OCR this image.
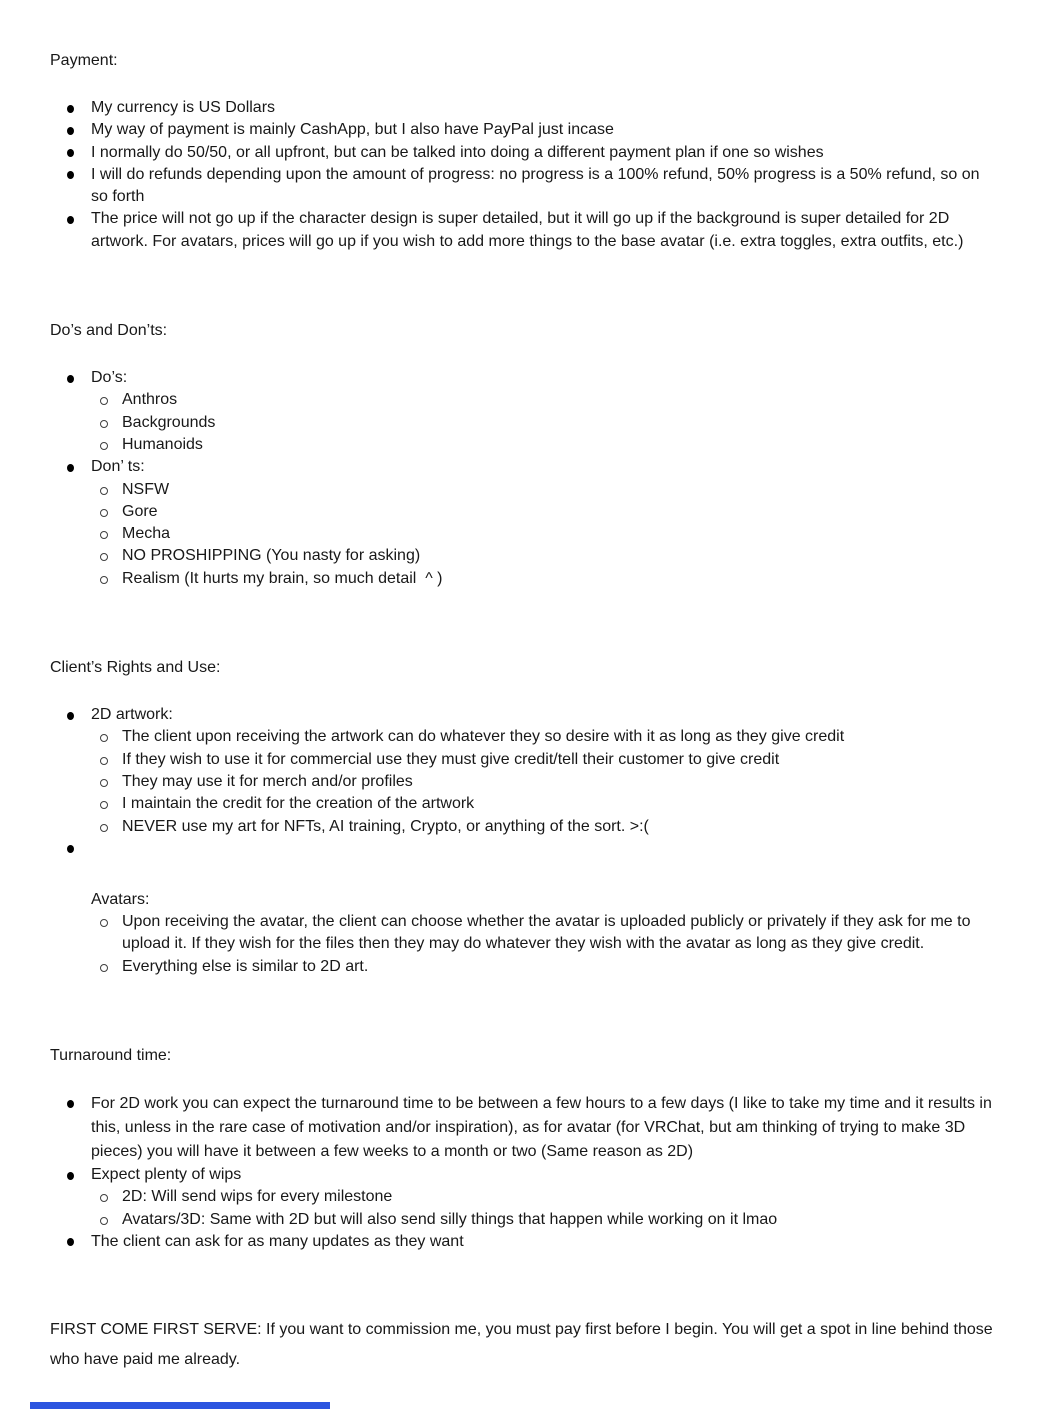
Payment:
My currency is US Dollars
My way of payment is mainly CashApp, but I also have PayPal just incase
I normally do 50/50, or all upfront, but can be talked into doing a different payment plan if one so wishes
I will do refunds depending upon the amount of progress: no progress is a 100% refund, 50% progress is a 50% refund, so on so forth
The price will not go up if the character design is super detailed, but it will go up if the background is super detailed for 2D artwork. For avatars, prices will go up if you wish to add more things to the base avatar (i.e. extra toggles, extra outfits, etc.)
Do’s and Don’ts:
Do’s:
Anthros
Backgrounds
Humanoids
Don’ ts:
NSFW
Gore
Mecha
NO PROSHIPPING (You nasty for asking)
Realism (It hurts my brain, so much detail  ^ )
Client’s Rights and Use:
2D artwork:
The client upon receiving the artwork can do whatever they so desire with it as long as they give credit
If they wish to use it for commercial use they must give credit/tell their customer to give credit
They may use it for merch and/or profiles
I maintain the credit for the creation of the artwork
NEVER use my art for NFTs, AI training, Crypto, or anything of the sort. >:(
Avatars:
Upon receiving the avatar, the client can choose whether the avatar is uploaded publicly or privately if they ask for me to upload it. If they wish for the files then they may do whatever they wish with the avatar as long as they give credit.
Everything else is similar to 2D art.
Turnaround time:
For 2D work you can expect the turnaround time to be between a few hours to a few days (I like to take my time and it results in this, unless in the rare case of motivation and/or inspiration), as for avatar (for VRChat, but am thinking of trying to make 3D pieces) you will have it between a few weeks to a month or two (Same reason as 2D)
Expect plenty of wips
2D: Will send wips for every milestone
Avatars/3D: Same with 2D but will also send silly things that happen while working on it lmao
The client can ask for as many updates as they want

FIRST COME FIRST SERVE: If you want to commission me, you must pay first before I begin. You will get a spot in line behind those who have paid me already.
